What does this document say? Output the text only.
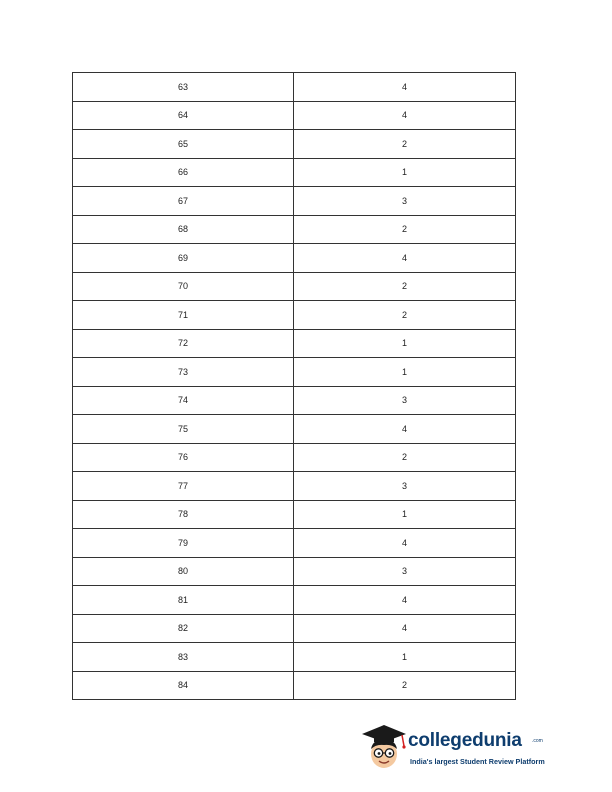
63	4
64	4
65	2
66	1
67	3
68	2
69	4
70	2
71	2
72	1
73	1
74	3
75	4
76	2
77	3
78	1
79	4
80	3
81	4
82	4
83	1
84	2
collegedunia .com
India's largest Student Review Platform
